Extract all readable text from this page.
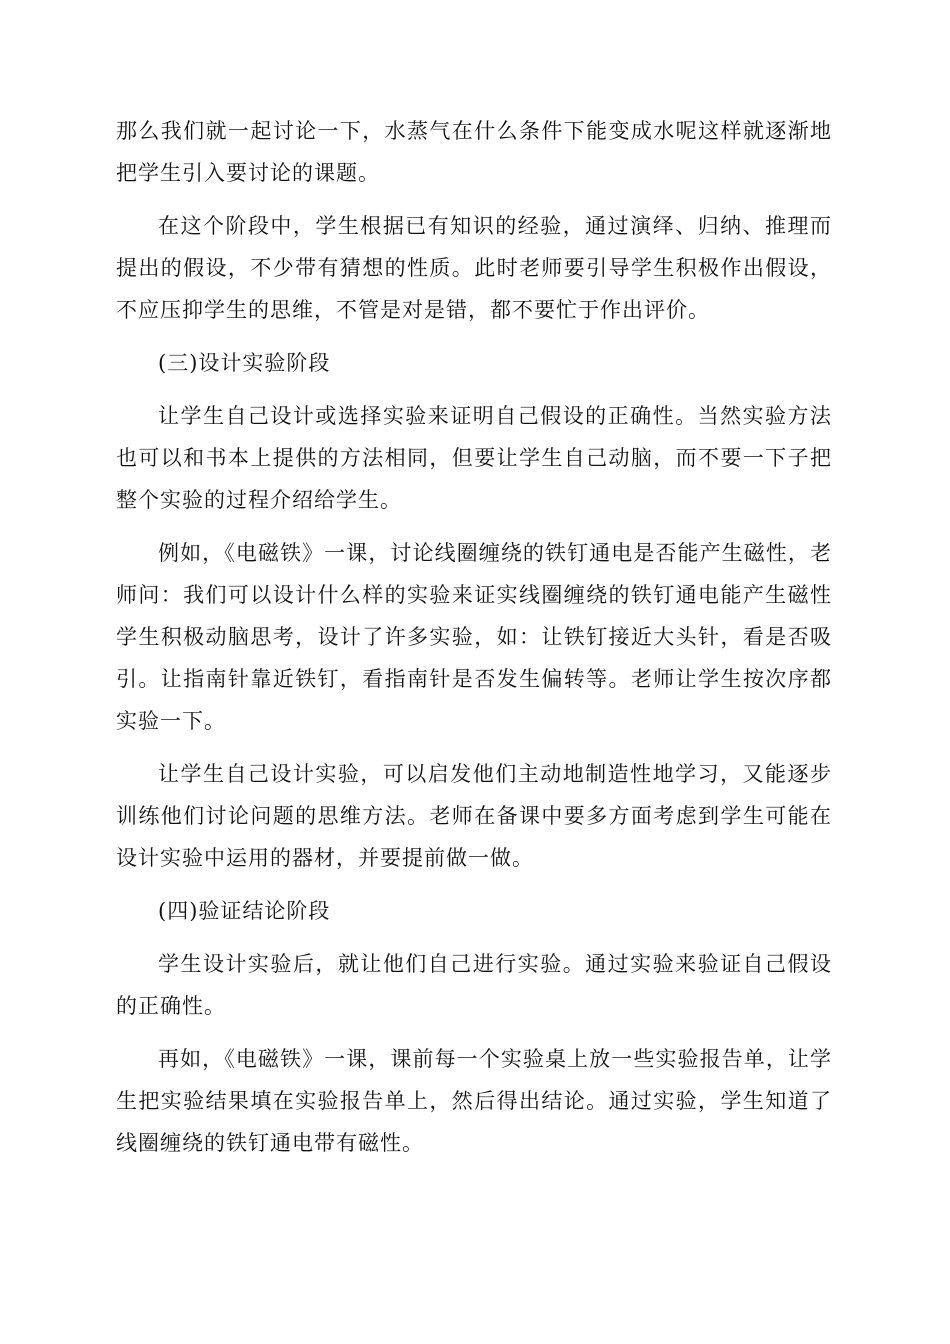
那么我们就一起讨论一下，水蒸气在什么条件下能变成水呢这样就逐渐地把学生引入要讨论的课题。

在这个阶段中，学生根据已有知识的经验，通过演绎、归纳、推理而提出的假设，不少带有猜想的性质。此时老师要引导学生积极作出假设，不应压抑学生的思维，不管是对是错，都不要忙于作出评价。

(三)设计实验阶段

让学生自己设计或选择实验来证明自己假设的正确性。当然实验方法也可以和书本上提供的方法相同，但要让学生自己动脑，而不要一下子把整个实验的过程介绍给学生。

例如，《电磁铁》一课，讨论线圈缠绕的铁钉通电是否能产生磁性，老师问：我们可以设计什么样的实验来证实线圈缠绕的铁钉通电能产生磁性学生积极动脑思考，设计了许多实验，如：让铁钉接近大头针，看是否吸引。让指南针靠近铁钉，看指南针是否发生偏转等。老师让学生按次序都实验一下。

让学生自己设计实验，可以启发他们主动地制造性地学习，又能逐步训练他们讨论问题的思维方法。老师在备课中要多方面考虑到学生可能在设计实验中运用的器材，并要提前做一做。

(四)验证结论阶段

学生设计实验后，就让他们自己进行实验。通过实验来验证自己假设的正确性。

再如，《电磁铁》一课，课前每一个实验桌上放一些实验报告单，让学生把实验结果填在实验报告单上，然后得出结论。通过实验，学生知道了线圈缠绕的铁钉通电带有磁性。
